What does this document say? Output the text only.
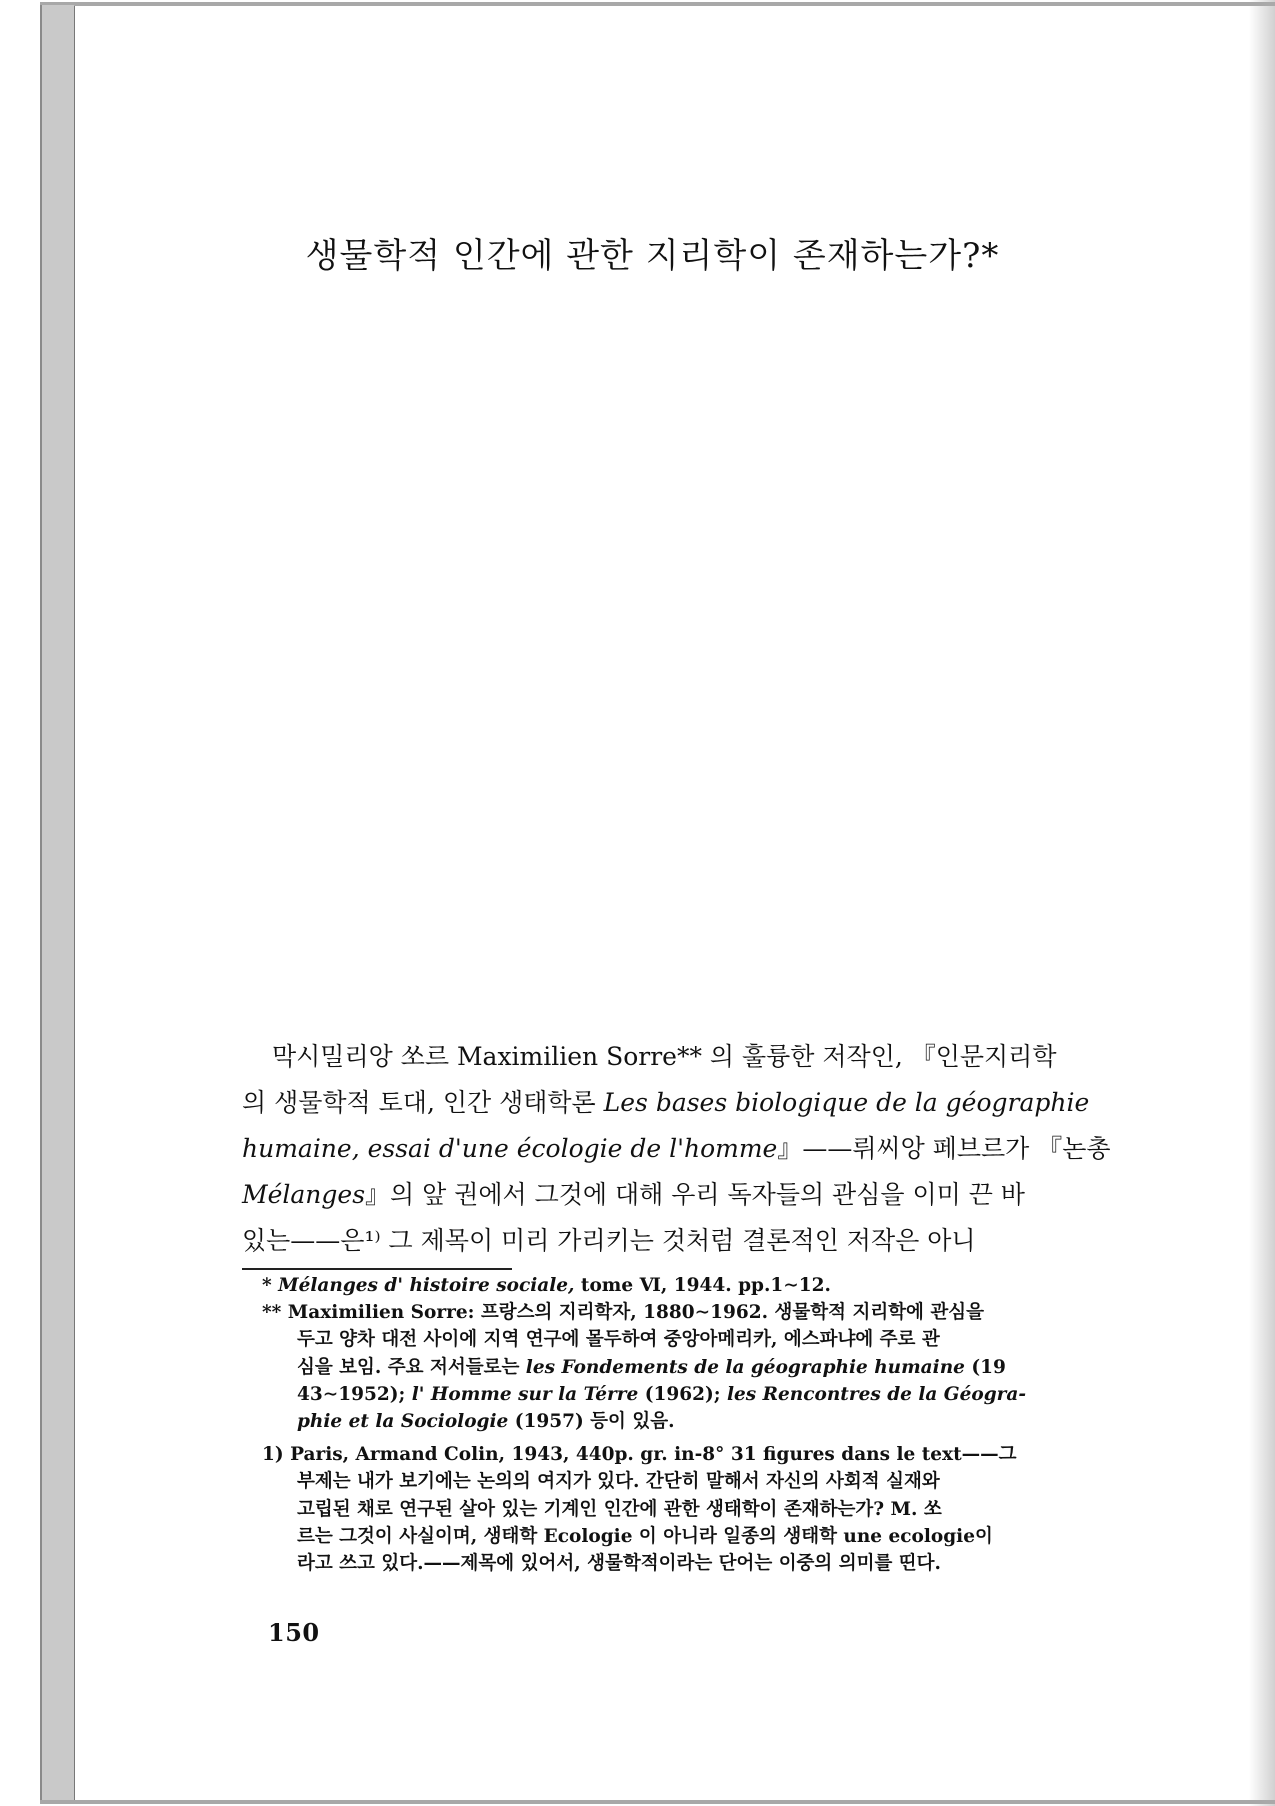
생물학적 인간에 관한 지리학이 존재하는가?*
막시밀리앙 쏘르 Maximilien Sorre** 의 훌륭한 저작인, 『인문지리학
의 생물학적 토대, 인간 생태학론 Les bases biologique de la géographie
humaine, essai d'une écologie de l'homme』——뤼씨앙 페브르가 『논총
Mélanges』의 앞 권에서 그것에 대해 우리 독자들의 관심을 이미 끈 바
있는——은¹⁾ 그 제목이 미리 가리키는 것처럼 결론적인 저작은 아니
* Mélanges d' histoire sociale, tome Ⅵ, 1944. pp.1∼12.
** Maximilien Sorre: 프랑스의 지리학자, 1880∼1962. 생물학적 지리학에 관심을
두고 양차 대전 사이에 지역 연구에 몰두하여 중앙아메리카, 에스파냐에 주로 관
심을 보임. 주요 저서들로는 les Fondements de la géographie humaine (19
43∼1952); l' Homme sur la Térre (1962); les Rencontres de la Géogra-
phie et la Sociologie (1957) 등이 있음.
1) Paris, Armand Colin, 1943, 440p. gr. in-8° 31 figures dans le text——그
부제는 내가 보기에는 논의의 여지가 있다. 간단히 말해서 자신의 사회적 실재와
고립된 채로 연구된 살아 있는 기계인 인간에 관한 생태학이 존재하는가? M. 쏘
르는 그것이 사실이며, 생태학 Ecologie 이 아니라 일종의 생태학 une ecologie이
라고 쓰고 있다.——제목에 있어서, 생물학적이라는 단어는 이중의 의미를 띤다.
150
